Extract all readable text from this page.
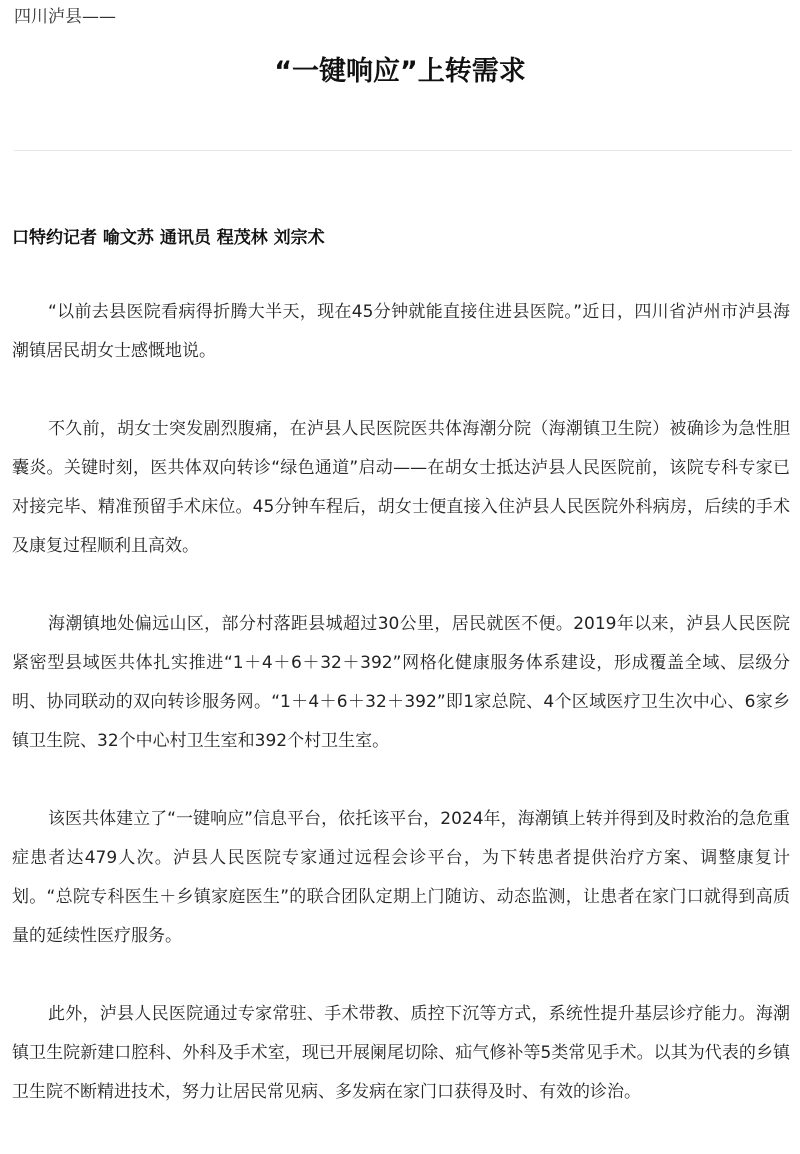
四川泸县——
“一键响应”上转需求
口特约记者 喻文苏 通讯员 程茂林 刘宗术

“以前去县医院看病得折腾大半天，现在45分钟就能直接住进县医院。”近日，四川省泸州市泸县海潮镇居民胡女士感慨地说。

不久前，胡女士突发剧烈腹痛，在泸县人民医院医共体海潮分院（海潮镇卫生院）被确诊为急性胆囊炎。关键时刻，医共体双向转诊“绿色通道”启动——在胡女士抵达泸县人民医院前，该院专科专家已对接完毕、精准预留手术床位。45分钟车程后，胡女士便直接入住泸县人民医院外科病房，后续的手术及康复过程顺利且高效。

海潮镇地处偏远山区，部分村落距县城超过30公里，居民就医不便。2019年以来，泸县人民医院紧密型县域医共体扎实推进“1＋4＋6＋32＋392”网格化健康服务体系建设，形成覆盖全域、层级分明、协同联动的双向转诊服务网。“1＋4＋6＋32＋392”即1家总院、4个区域医疗卫生次中心、6家乡镇卫生院、32个中心村卫生室和392个村卫生室。

该医共体建立了“一键响应”信息平台，依托该平台，2024年，海潮镇上转并得到及时救治的急危重症患者达479人次。泸县人民医院专家通过远程会诊平台，为下转患者提供治疗方案、调整康复计划。“总院专科医生＋乡镇家庭医生”的联合团队定期上门随访、动态监测，让患者在家门口就得到高质量的延续性医疗服务。

此外，泸县人民医院通过专家常驻、手术带教、质控下沉等方式，系统性提升基层诊疗能力。海潮镇卫生院新建口腔科、外科及手术室，现已开展阑尾切除、疝气修补等5类常见手术。以其为代表的乡镇卫生院不断精进技术，努力让居民常见病、多发病在家门口获得及时、有效的诊治。
